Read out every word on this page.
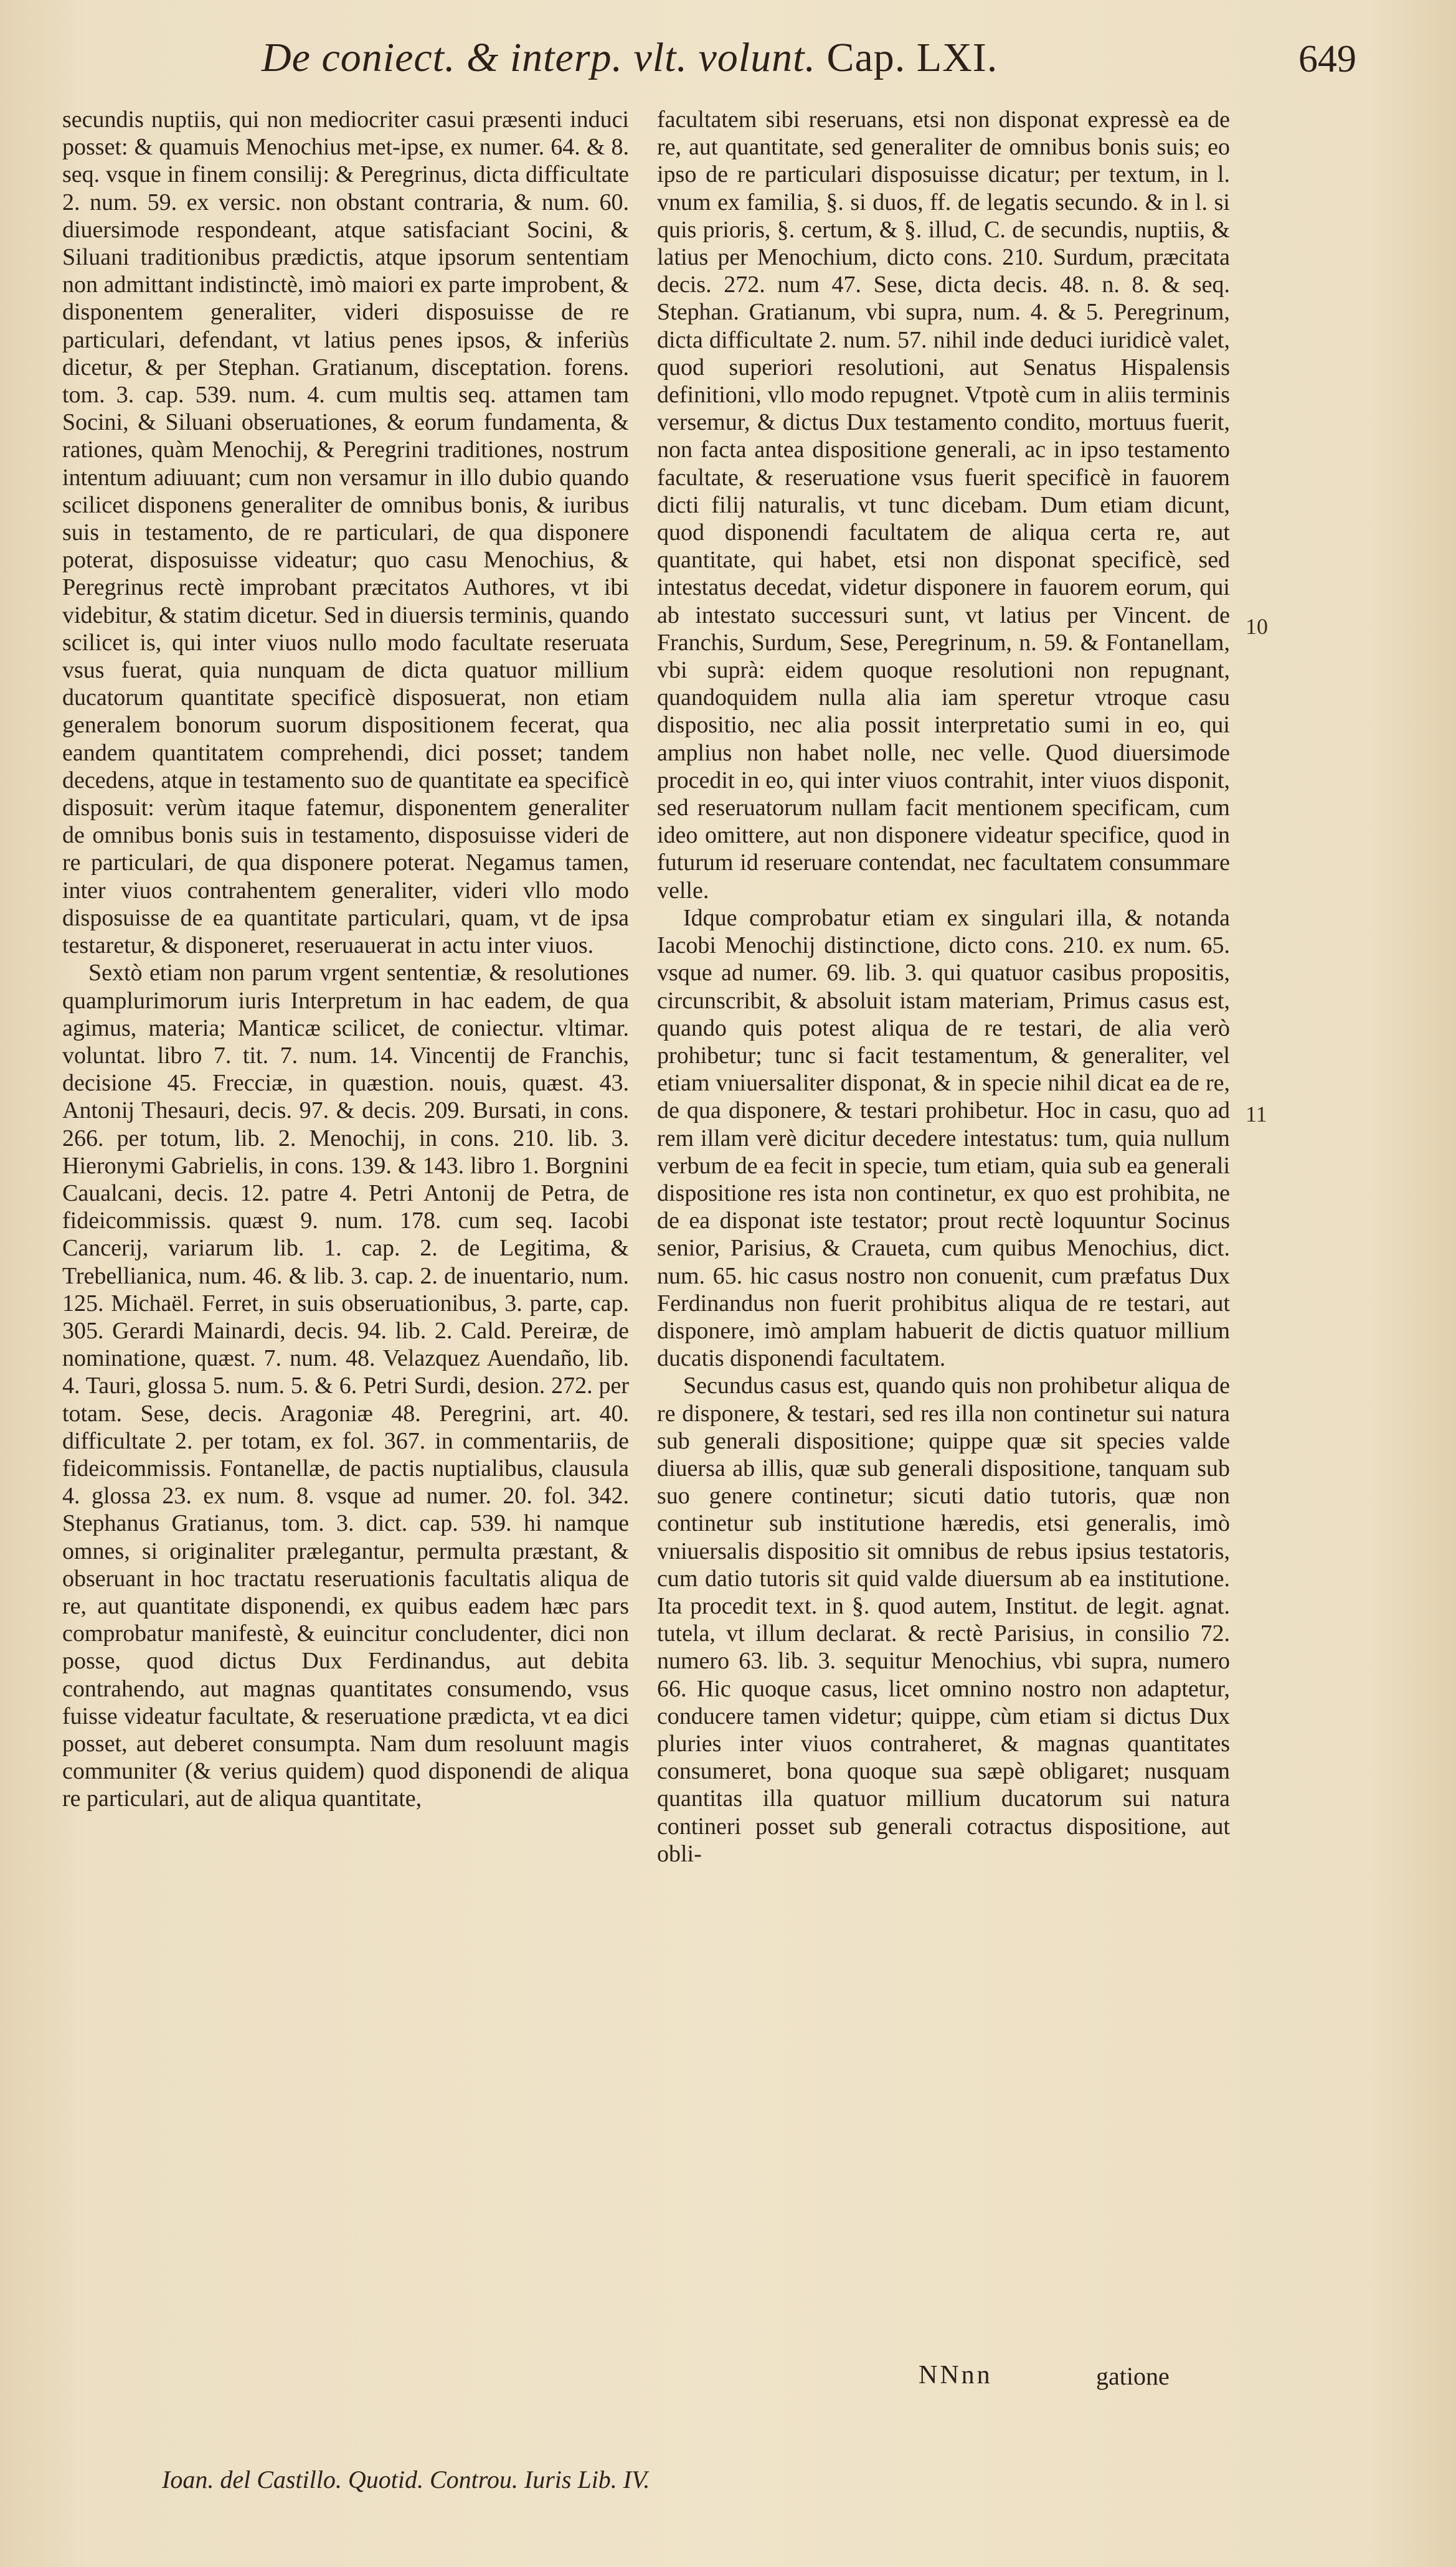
De coniect. & interp. vlt. volunt. Cap. LXI.	649

secundis nuptiis, qui non mediocriter casui præsenti induci posset: & quamuis Menochius met-ipse, ex numer. 64. & 8. seq. vsque in finem consilij: & Peregrinus, dicta difficultate 2. num. 59. ex versic. non obstant contraria, & num. 60. diuersimode respondeant, atque satisfaciant Socini, & Siluani traditionibus prædictis, atque ipsorum sententiam non admittant indistinctè, imò maiori ex parte improbent, & disponentem generaliter, videri disposuisse de re particulari, defendant, vt latius penes ipsos, & inferiùs dicetur, & per Stephan. Gratianum, disceptation. forens. tom. 3. cap. 539. num. 4. cum multis seq. attamen tam Socini, & Siluani obseruationes, & eorum fundamenta, & rationes, quàm Menochij, & Peregrini traditiones, nostrum intentum adiuuant; cum non versamur in illo dubio quando scilicet disponens generaliter de omnibus bonis, & iuribus suis in testamento, de re particulari, de qua disponere poterat, disposuisse videatur; quo casu Menochius, & Peregrinus rectè improbant præcitatos Authores, vt ibi videbitur, & statim dicetur. Sed in diuersis terminis, quando scilicet is, qui inter viuos nullo modo facultate reseruata vsus fuerat, quia nunquam de dicta quatuor millium ducatorum quantitate specificè disposuerat, non etiam generalem bonorum suorum dispositionem fecerat, qua eandem quantitatem comprehendi, dici posset; tandem decedens, atque in testamento suo de quantitate ea specificè disposuit: verùm itaque fatemur, disponentem generaliter de omnibus bonis suis in testamento, disposuisse videri de re particulari, de qua disponere poterat. Negamus tamen, inter viuos contrahentem generaliter, videri vllo modo disposuisse de ea quantitate particulari, quam, vt de ipsa testaretur, & disponeret, reseruauerat in actu inter viuos.

Sextò etiam non parum vrgent sententiæ, & resolutiones quamplurimorum iuris Interpretum in hac eadem, de qua agimus, materia; Manticæ scilicet, de coniectur. vltimar. voluntat. libro 7. tit. 7. num. 14. Vincentij de Franchis, decisione 45. Frecciæ, in quæstion. nouis, quæst. 43. Antonij Thesauri, decis. 97. & decis. 209. Bursati, in cons. 266. per totum, lib. 2. Menochij, in cons. 210. lib. 3. Hieronymi Gabrielis, in cons. 139. & 143. libro 1. Borgnini Caualcani, decis. 12. patre 4. Petri Antonij de Petra, de fideicommissis. quæst 9. num. 178. cum seq. Iacobi Cancerij, variarum lib. 1. cap. 2. de Legitima, & Trebellianica, num. 46. & lib. 3. cap. 2. de inuentario, num. 125. Michaël. Ferret, in suis obseruationibus, 3. parte, cap. 305. Gerardi Mainardi, decis. 94. lib. 2. Cald. Pereiræ, de nominatione, quæst. 7. num. 48. Velazquez Auendaño, lib. 4. Tauri, glossa 5. num. 5. & 6. Petri Surdi, desion. 272. per totam. Sese, decis. Aragoniæ 48. Peregrini, art. 40. difficultate 2. per totam, ex fol. 367. in commentariis, de fideicommissis. Fontanellæ, de pactis nuptialibus, clausula 4. glossa 23. ex num. 8. vsque ad numer. 20. fol. 342. Stephanus Gratianus, tom. 3. dict. cap. 539. hi namque omnes, si originaliter prælegantur, permulta præstant, & obseruant in hoc tractatu reseruationis facultatis aliqua de re, aut quantitate disponendi, ex quibus eadem hæc pars comprobatur manifestè, & euincitur concludenter, dici non posse, quod dictus Dux Ferdinandus, aut debita contrahendo, aut magnas quantitates consumendo, vsus fuisse videatur facultate, & reseruatione prædicta, vt ea dici posset, aut deberet consumpta. Nam dum resoluunt magis communiter (& verius quidem) quod disponendi de aliqua re particulari, aut de aliqua quantitate,

facultatem sibi reseruans, etsi non disponat expressè ea de re, aut quantitate, sed generaliter de omnibus bonis suis; eo ipso de re particulari disposuisse dicatur; per textum, in l. vnum ex familia, §. si duos, ff. de legatis secundo. & in l. si quis prioris, §. certum, & §. illud, C. de secundis, nuptiis, & latius per Menochium, dicto cons. 210. Surdum, præcitata decis. 272. num 47. Sese, dicta decis. 48. n. 8. & seq. Stephan. Gratianum, vbi supra, num. 4. & 5. Peregrinum, dicta difficultate 2. num. 57. nihil inde deduci iuridicè valet, quod superiori resolutioni, aut Senatus Hispalensis definitioni, vllo modo repugnet. Vtpotè cum in aliis terminis versemur, & dictus Dux testamento condito, mortuus fuerit, non facta antea dispositione generali, ac in ipso testamento facultate, & reseruatione vsus fuerit specificè in fauorem dicti filij naturalis, vt tunc dicebam. Dum etiam dicunt, quod disponendi facultatem de aliqua certa re, aut quantitate, qui habet, etsi non disponat specificè, sed intestatus decedat, videtur disponere in fauorem eorum, qui ab intestato successuri sunt, vt latius per Vincent. de Franchis, Surdum, Sese, Peregrinum, n. 59. & Fontanellam, vbi suprà: eidem quoque resolutioni non repugnant, quandoquidem nulla alia iam speretur vtroque casu dispositio, nec alia possit interpretatio sumi in eo, qui amplius non habet nolle, nec velle. Quod diuersimode procedit in eo, qui inter viuos contrahit, inter viuos disponit, sed reseruatorum nullam facit mentionem specificam, cum ideo omittere, aut non disponere videatur specifice, quod in futurum id reseruare contendat, nec facultatem consummare velle.

Idque comprobatur etiam ex singulari illa, & notanda Iacobi Menochij distinctione, dicto cons. 210. ex num. 65. vsque ad numer. 69. lib. 3. qui quatuor casibus propositis, circunscribit, & absoluit istam materiam, Primus casus est, quando quis potest aliqua de re testari, de alia verò prohibetur; tunc si facit testamentum, & generaliter, vel etiam vniuersaliter disponat, & in specie nihil dicat ea de re, de qua disponere, & testari prohibetur. Hoc in casu, quo ad rem illam verè dicitur decedere intestatus: tum, quia nullum verbum de ea fecit in specie, tum etiam, quia sub ea generali dispositione res ista non continetur, ex quo est prohibita, ne de ea disponat iste testator; prout rectè loquuntur Socinus senior, Parisius, & Craueta, cum quibus Menochius, dict. num. 65. hic casus nostro non conuenit, cum præfatus Dux Ferdinandus non fuerit prohibitus aliqua de re testari, aut disponere, imò amplam habuerit de dictis quatuor millium ducatis disponendi facultatem.

Secundus casus est, quando quis non prohibetur aliqua de re disponere, & testari, sed res illa non continetur sui natura sub generali dispositione; quippe quæ sit species valde diuersa ab illis, quæ sub generali dispositione, tanquam sub suo genere continetur; sicuti datio tutoris, quæ non continetur sub institutione hæredis, etsi generalis, imò vniuersalis dispositio sit omnibus de rebus ipsius testatoris, cum datio tutoris sit quid valde diuersum ab ea institutione. Ita procedit text. in §. quod autem, Institut. de legit. agnat. tutela, vt illum declarat. & rectè Parisius, in consilio 72. numero 63. lib. 3. sequitur Menochius, vbi supra, numero 66. Hic quoque casus, licet omnino nostro non adaptetur, conducere tamen videtur; quippe, cùm etiam si dictus Dux pluries inter viuos contraheret, & magnas quantitates consumeret, bona quoque sua sæpè obligaret; nusquam quantitas illa quatuor millium ducatorum sui natura contineri posset sub generali cotractus dispositione, aut obli-

10
11
Ioan. del Castillo. Quotid. Controu. Iuris Lib. IV.
NNnn	gatione
